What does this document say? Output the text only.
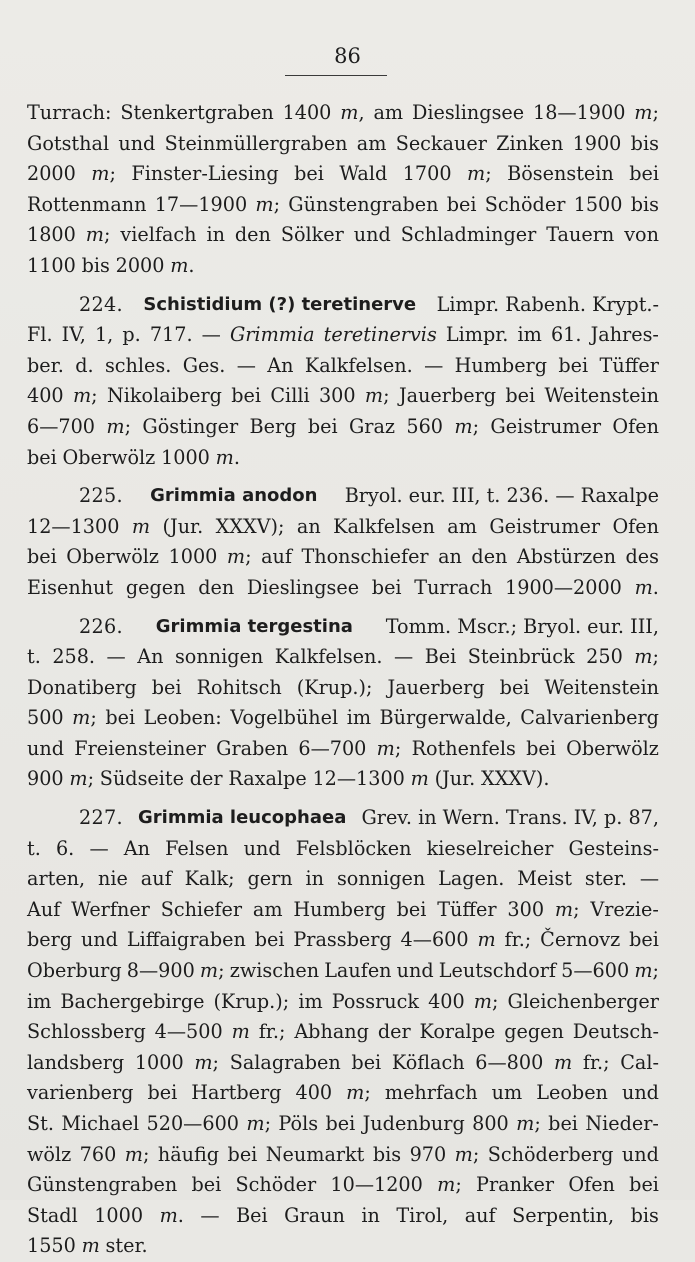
86
Turrach: Stenkertgraben 1400 m, am Dieslingsee 18—1900 m;
Gotsthal und Steinmüllergraben am Seckauer Zinken 1900 bis
2000 m; Finster-Liesing bei Wald 1700 m; Bösenstein bei
Rottenmann 17—1900 m; Günstengraben bei Schöder 1500 bis
1800 m; vielfach in den Sölker und Schladminger Tauern von
1100 bis 2000 m.
224. Schistidium (?) teretinerve Limpr. Rabenh. Krypt.-
Fl. IV, 1, p. 717. — Grimmia teretinervis Limpr. im 61. Jahres-
ber. d. schles. Ges. — An Kalkfelsen. — Humberg bei Tüffer
400 m; Nikolaiberg bei Cilli 300 m; Jauerberg bei Weitenstein
6—700 m; Göstinger Berg bei Graz 560 m; Geistrumer Ofen
bei Oberwölz 1000 m.
225. Grimmia anodon Bryol. eur. III, t. 236. — Raxalpe
12—1300 m (Jur. XXXV); an Kalkfelsen am Geistrumer Ofen
bei Oberwölz 1000 m; auf Thonschiefer an den Abstürzen des
Eisenhut gegen den Dieslingsee bei Turrach 1900—2000 m.
226. Grimmia tergestina Tomm. Mscr.; Bryol. eur. III,
t. 258. — An sonnigen Kalkfelsen. — Bei Steinbrück 250 m;
Donatiberg bei Rohitsch (Krup.); Jauerberg bei Weitenstein
500 m; bei Leoben: Vogelbühel im Bürgerwalde, Calvarienberg
und Freiensteiner Graben 6—700 m; Rothenfels bei Oberwölz
900 m; Südseite der Raxalpe 12—1300 m (Jur. XXXV).
227. Grimmia leucophaea Grev. in Wern. Trans. IV, p. 87,
t. 6. — An Felsen und Felsblöcken kieselreicher Gesteins-
arten, nie auf Kalk; gern in sonnigen Lagen. Meist ster. —
Auf Werfner Schiefer am Humberg bei Tüffer 300 m; Vrezie-
berg und Liffaigraben bei Prassberg 4—600 m fr.; Černovz bei
Oberburg 8—900 m; zwischen Laufen und Leutschdorf 5—600 m;
im Bachergebirge (Krup.); im Possruck 400 m; Gleichenberger
Schlossberg 4—500 m fr.; Abhang der Koralpe gegen Deutsch-
landsberg 1000 m; Salagraben bei Köflach 6—800 m fr.; Cal-
varienberg bei Hartberg 400 m; mehrfach um Leoben und
St. Michael 520—600 m; Pöls bei Judenburg 800 m; bei Nieder-
wölz 760 m; häufig bei Neumarkt bis 970 m; Schöderberg und
Günstengraben bei Schöder 10—1200 m; Pranker Ofen bei
Stadl 1000 m. — Bei Graun in Tirol, auf Serpentin, bis
1550 m ster.
